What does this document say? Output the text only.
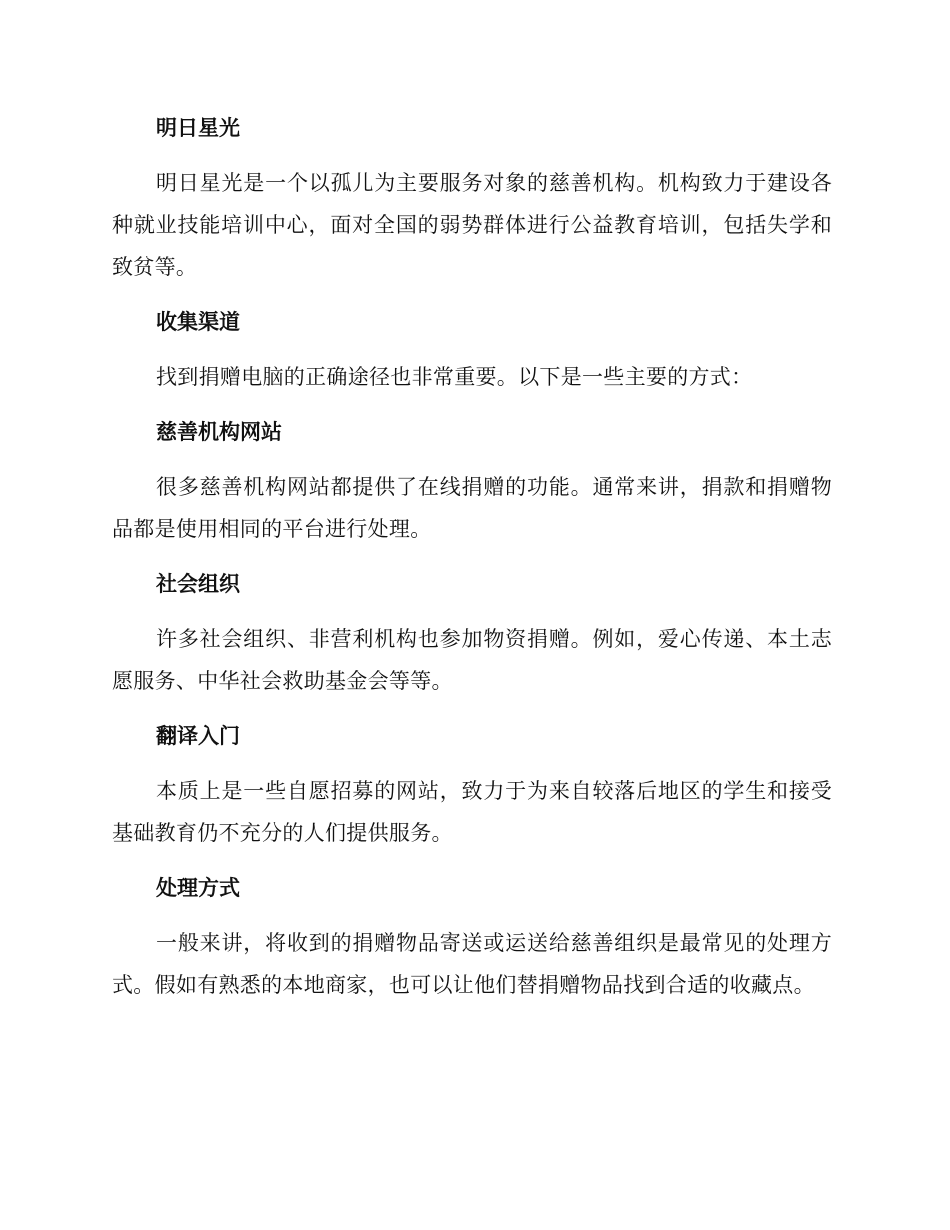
明日星光

明日星光是一个以孤儿为主要服务对象的慈善机构。机构致力于建设各种就业技能培训中心，面对全国的弱势群体进行公益教育培训，包括失学和致贫等。

收集渠道

找到捐赠电脑的正确途径也非常重要。以下是一些主要的方式：

慈善机构网站

很多慈善机构网站都提供了在线捐赠的功能。通常来讲，捐款和捐赠物品都是使用相同的平台进行处理。

社会组织

许多社会组织、非营利机构也参加物资捐赠。例如，爱心传递、本土志愿服务、中华社会救助基金会等等。

翻译入门

本质上是一些自愿招募的网站，致力于为来自较落后地区的学生和接受基础教育仍不充分的人们提供服务。

处理方式

一般来讲，将收到的捐赠物品寄送或运送给慈善组织是最常见的处理方式。假如有熟悉的本地商家，也可以让他们替捐赠物品找到合适的收藏点。
